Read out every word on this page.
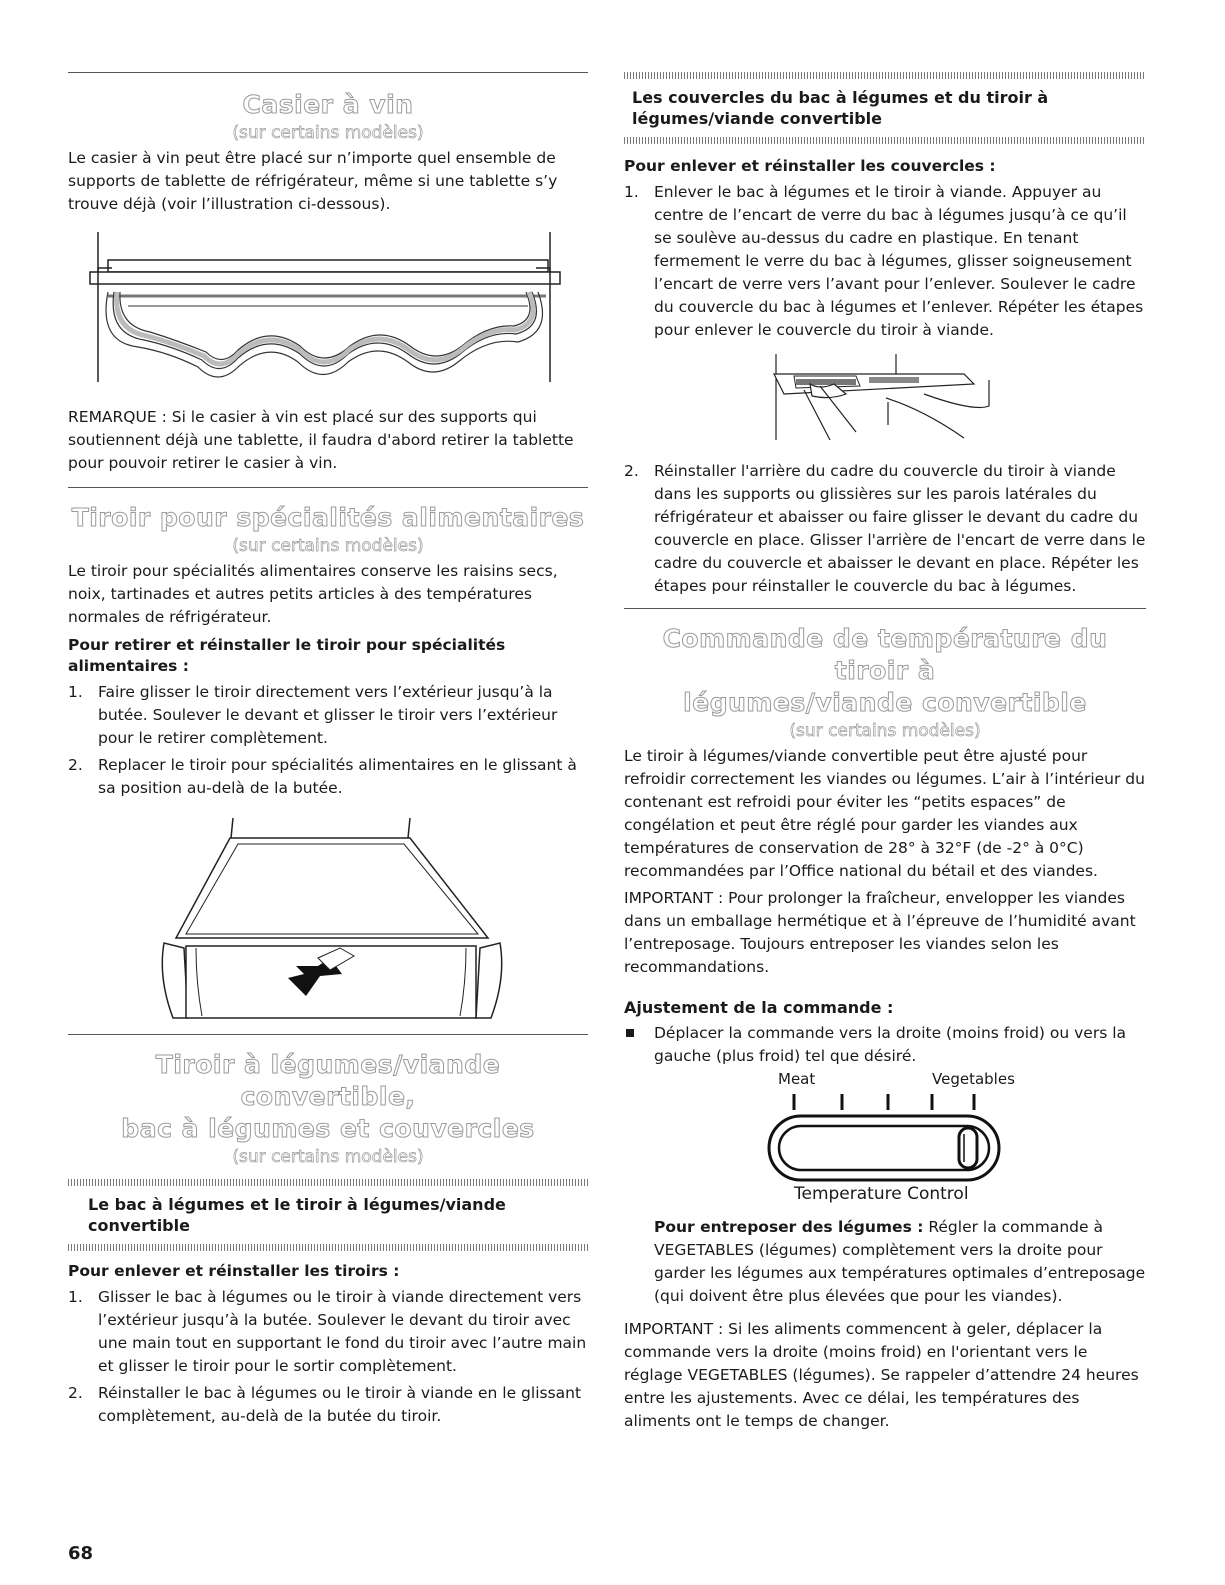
Casier à vin
(sur certains modèles)

Le casier à vin peut être placé sur n’importe quel ensemble de supports de tablette de réfrigérateur, même si une tablette s’y trouve déjà (voir l’illustration ci-dessous).

REMARQUE : Si le casier à vin est placé sur des supports qui soutiennent déjà une tablette, il faudra d'abord retirer la tablette pour pouvoir retirer le casier à vin.

Tiroir pour spécialités alimentaires
(sur certains modèles)

Le tiroir pour spécialités alimentaires conserve les raisins secs, noix, tartinades et autres petits articles à des températures normales de réfrigérateur.

Pour retirer et réinstaller le tiroir pour spécialités alimentaires :
1. Faire glisser le tiroir directement vers l’extérieur jusqu’à la butée. Soulever le devant et glisser le tiroir vers l’extérieur pour le retirer complètement.
2. Replacer le tiroir pour spécialités alimentaires en le glissant à sa position au-delà de la butée.
Tiroir à légumes/viande convertible,
bac à légumes et couvercles
(sur certains modèles)
Le bac à légumes et le tiroir à légumes/viande convertible
Pour enlever et réinstaller les tiroirs :
1. Glisser le bac à légumes ou le tiroir à viande directement vers l’extérieur jusqu’à la butée. Soulever le devant du tiroir avec une main tout en supportant le fond du tiroir avec l’autre main et glisser le tiroir pour le sortir complètement.
2. Réinstaller le bac à légumes ou le tiroir à viande en le glissant complètement, au-delà de la butée du tiroir.
Les couvercles du bac à légumes et du tiroir à légumes/viande convertible
Pour enlever et réinstaller les couvercles :
1. Enlever le bac à légumes et le tiroir à viande. Appuyer au centre de l’encart de verre du bac à légumes jusqu’à ce qu’il se soulève au-dessus du cadre en plastique. En tenant fermement le verre du bac à légumes, glisser soigneusement l’encart de verre vers l’avant pour l’enlever. Soulever le cadre du couvercle du bac à légumes et l’enlever. Répéter les étapes pour enlever le couvercle du tiroir à viande.
2. Réinstaller l'arrière du cadre du couvercle du tiroir à viande dans les supports ou glissières sur les parois latérales du réfrigérateur et abaisser ou faire glisser le devant du cadre du couvercle en place. Glisser l'arrière de l'encart de verre dans le cadre du couvercle et abaisser le devant en place. Répéter les étapes pour réinstaller le couvercle du bac à légumes.
Commande de température du tiroir à
légumes/viande convertible
(sur certains modèles)

Le tiroir à légumes/viande convertible peut être ajusté pour refroidir correctement les viandes ou légumes. L’air à l’intérieur du contenant est refroidi pour éviter les “petits espaces” de congélation et peut être réglé pour garder les viandes aux températures de conservation de 28° à 32°F (de -2° à 0°C) recommandées par l’Office national du bétail et des viandes.

IMPORTANT : Pour prolonger la fraîcheur, envelopper les viandes dans un emballage hermétique et à l’épreuve de l’humidité avant l’entreposage. Toujours entreposer les viandes selon les recommandations.

Ajustement de la commande :
Déplacer la commande vers la droite (moins froid) ou vers la gauche (plus froid) tel que désiré.
Meat	Vegetables
Temperature Control

Pour entreposer des légumes : Régler la commande à VEGETABLES (légumes) complètement vers la droite pour garder les légumes aux températures optimales d’entreposage (qui doivent être plus élevées que pour les viandes).

IMPORTANT : Si les aliments commencent à geler, déplacer la commande vers la droite (moins froid) en l'orientant vers le réglage VEGETABLES (légumes). Se rappeler d’attendre 24 heures entre les ajustements. Avec ce délai, les températures des aliments ont le temps de changer.

68
